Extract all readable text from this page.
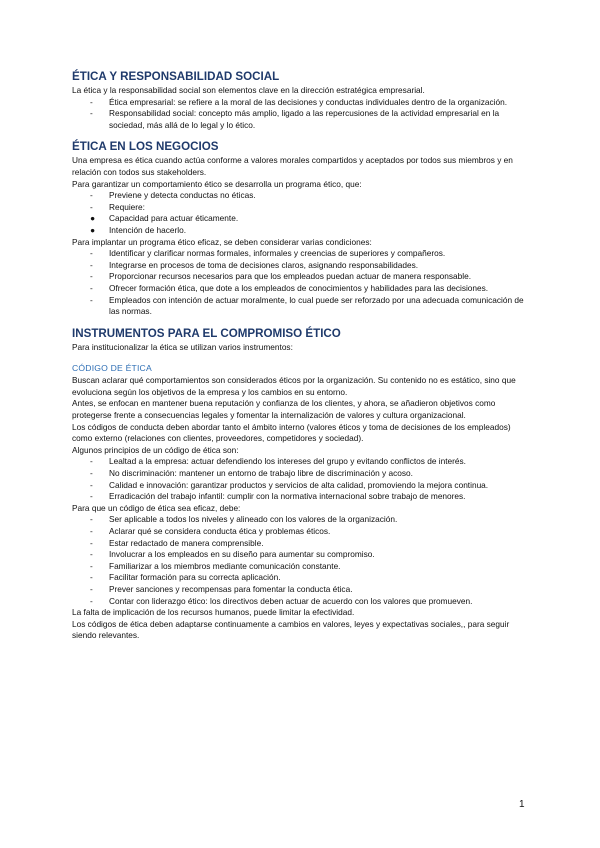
ÉTICA Y RESPONSABILIDAD SOCIAL

La ética y la responsabilidad social son elementos clave en la dirección estratégica empresarial.

-	Ética empresarial: se refiere a la moral de las decisiones y conductas individuales dentro de la organización.
-	Responsabilidad social: concepto más amplio, ligado a las repercusiones de la actividad empresarial en la sociedad, más allá de lo legal y lo ético.
ÉTICA EN LOS NEGOCIOS

Una empresa es ética cuando actúa conforme a valores morales compartidos y aceptados por todos sus miembros y en relación con todos sus stakeholders.

Para garantizar un comportamiento ético se desarrolla un programa ético, que:

-	Previene y detecta conductas no éticas.
-	Requiere:
●	Capacidad para actuar éticamente.
●	Intención de hacerlo.

Para implantar un programa ético eficaz, se deben considerar varias condiciones:

-	Identificar y clarificar normas formales, informales y creencias de superiores y compañeros.
-	Integrarse en procesos de toma de decisiones claros, asignando responsabilidades.
-	Proporcionar recursos necesarios para que los empleados puedan actuar de manera responsable.
-	Ofrecer formación ética, que dote a los empleados de conocimientos y habilidades para las decisiones.
-	Empleados con intención de actuar moralmente, lo cual puede ser reforzado por una adecuada comunicación de las normas.
INSTRUMENTOS PARA EL COMPROMISO ÉTICO

Para institucionalizar la ética se utilizan varios instrumentos:

CÓDIGO DE ÉTICA

Buscan aclarar qué comportamientos son considerados éticos por la organización. Su contenido no es estático, sino que evoluciona según los objetivos de la empresa y los cambios en su entorno.

Antes, se enfocan en mantener buena reputación y confianza de los clientes, y ahora, se añadieron objetivos como protegerse frente a consecuencias legales y fomentar la internalización de valores y cultura organizacional.

Los códigos de conducta deben abordar tanto el ámbito interno (valores éticos y toma de decisiones de los empleados) como externo (relaciones con clientes, proveedores, competidores y sociedad).

Algunos principios de un código de ética son:

-	Lealtad a la empresa: actuar defendiendo los intereses del grupo y evitando conflictos de interés.
-	No discriminación: mantener un entorno de trabajo libre de discriminación y acoso.
-	Calidad e innovación: garantizar productos y servicios de alta calidad, promoviendo la mejora continua.
-	Erradicación del trabajo infantil: cumplir con la normativa internacional sobre trabajo de menores.

Para que un código de ética sea eficaz, debe:

-	Ser aplicable a todos los niveles y alineado con los valores de la organización.
-	Aclarar qué se considera conducta ética y problemas éticos.
-	Estar redactado de manera comprensible.
-	Involucrar a los empleados en su diseño para aumentar su compromiso.
-	Familiarizar a los miembros mediante comunicación constante.
-	Facilitar formación para su correcta aplicación.
-	Prever sanciones y recompensas para fomentar la conducta ética.
-	Contar con liderazgo ético: los directivos deben actuar de acuerdo con los valores que promueven.

La falta de implicación de los recursos humanos, puede limitar la efectividad.

Los códigos de ética deben adaptarse continuamente a cambios en valores, leyes y expectativas sociales,, para seguir siendo relevantes.

1
